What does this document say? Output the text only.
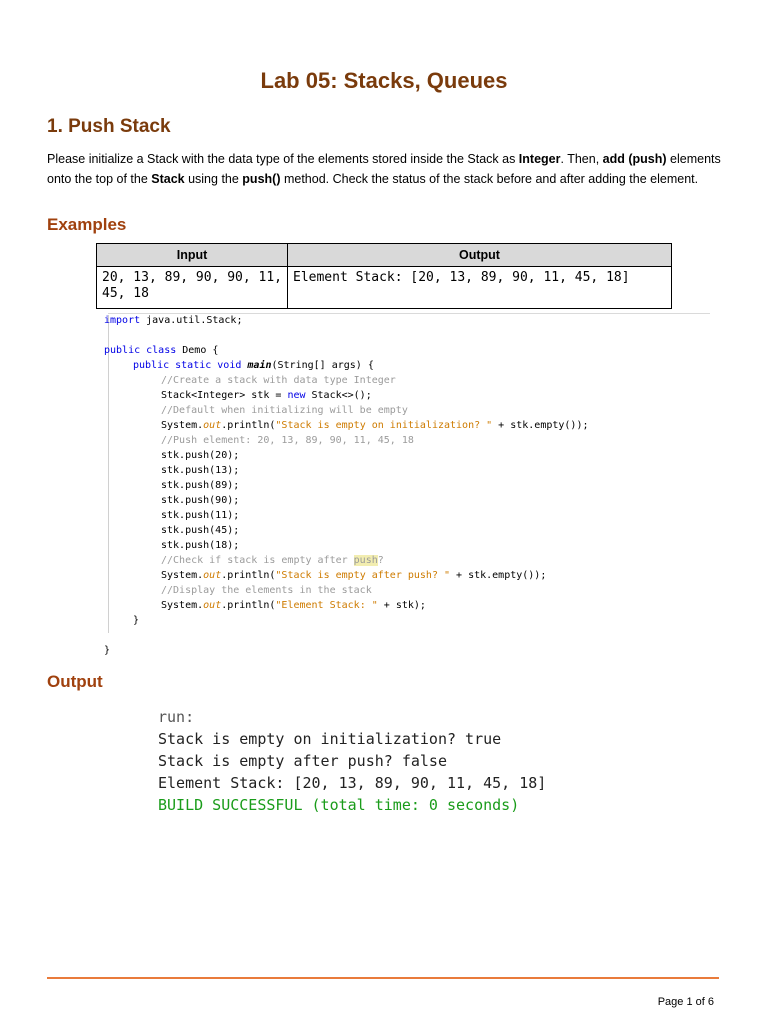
Lab 05: Stacks, Queues
1. Push Stack
Please initialize a Stack with the data type of the elements stored inside the Stack as Integer. Then, add (push) elements onto the top of the Stack using the push() method. Check the status of the stack before and after adding the element.
Examples
Input	Output
20, 13, 89, 90, 90, 11, 45, 18	Element Stack: [20, 13, 89, 90, 11, 45, 18]
import java.util.Stack;
public class Demo {
public static void main(String[] args) {
//Create a stack with data type Integer
Stack<Integer> stk = new Stack<>();
//Default when initializing will be empty
System.out.println("Stack is empty on initialization? " + stk.empty());
//Push element: 20, 13, 89, 90, 11, 45, 18
stk.push(20);
stk.push(13);
stk.push(89);
stk.push(90);
stk.push(11);
stk.push(45);
stk.push(18);
//Check if stack is empty after push?
System.out.println("Stack is empty after push? " + stk.empty());
//Display the elements in the stack
System.out.println("Element Stack: " + stk);
}
}
Output
run:
Stack is empty on initialization? true
Stack is empty after push? false
Element Stack: [20, 13, 89, 90, 11, 45, 18]
BUILD SUCCESSFUL (total time: 0 seconds)
Page 1 of 6
